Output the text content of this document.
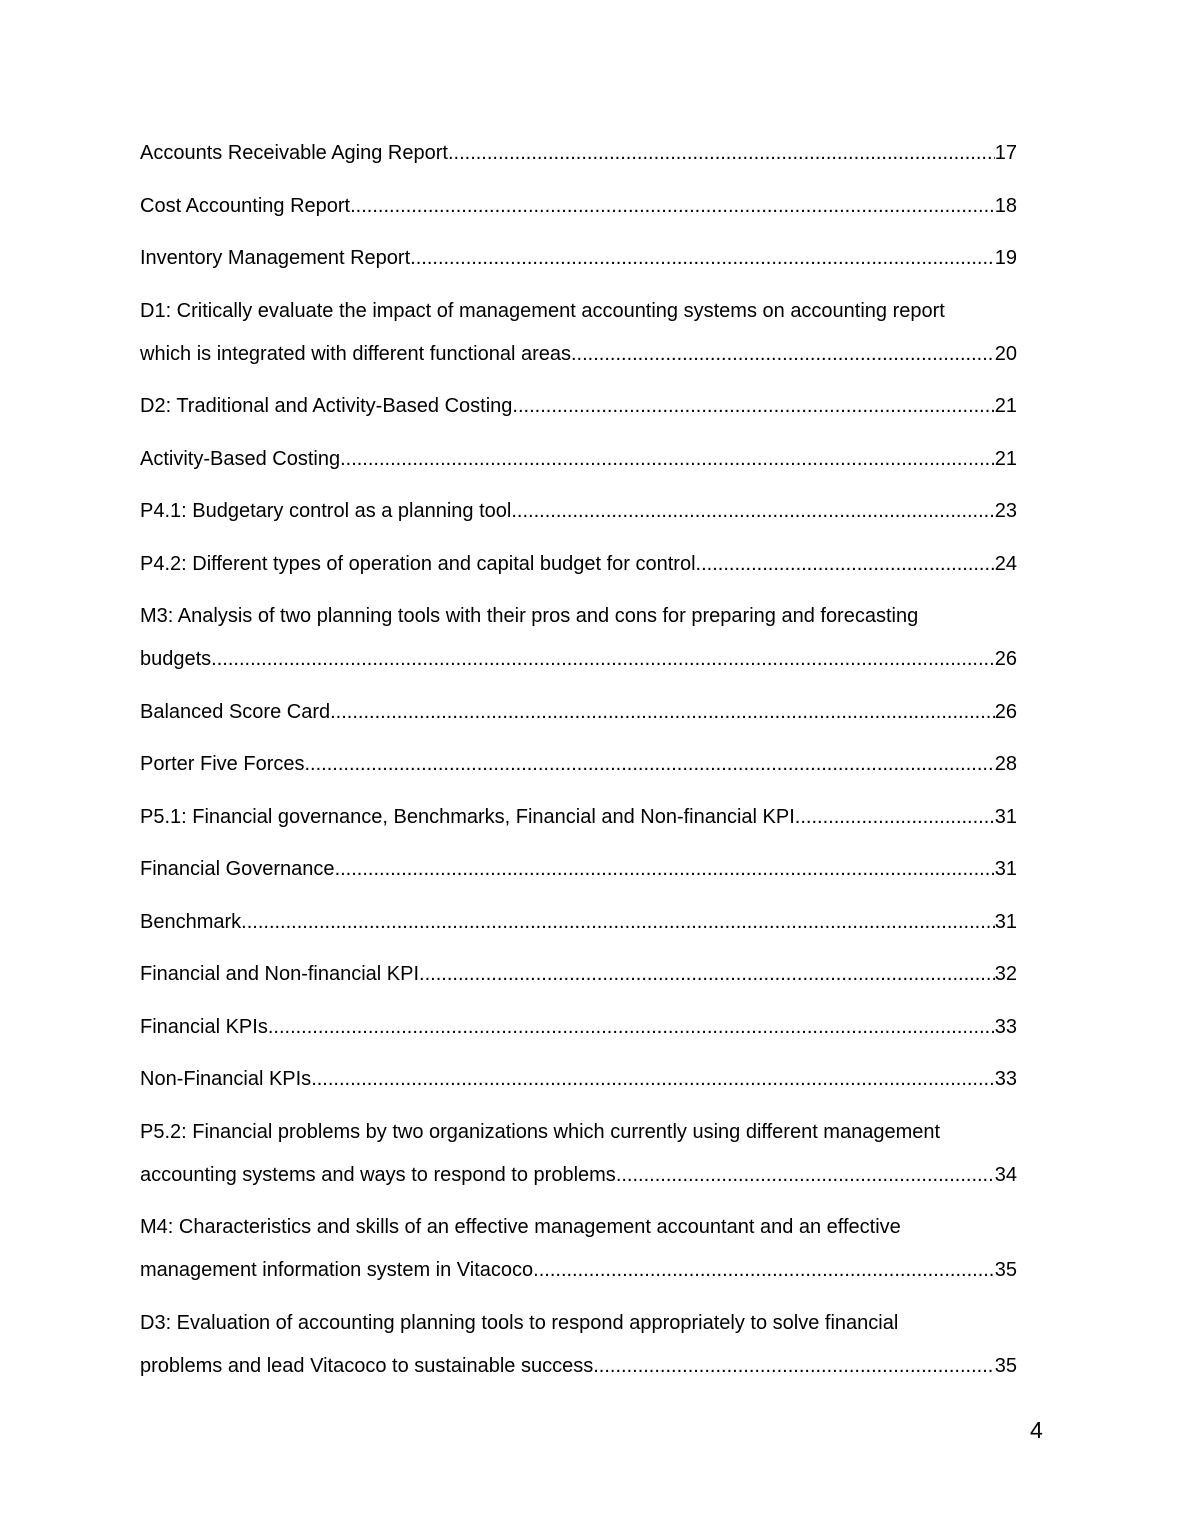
Accounts Receivable Aging Report .....	17
Cost Accounting Report .....	18
Inventory Management Report .....	19
D1: Critically evaluate the impact of management accounting systems on accounting report
which is integrated with different functional areas .....	20
D2: Traditional and Activity-Based Costing .....	21
Activity-Based Costing .....	21
P4.1: Budgetary control as a planning tool .....	23
P4.2: Different types of operation and capital budget for control .....	24
M3: Analysis of two planning tools with their pros and cons for preparing and forecasting
budgets .....	26
Balanced Score Card .....	26
Porter Five Forces .....	28
P5.1: Financial governance, Benchmarks, Financial and Non-financial KPI .....	31
Financial Governance .....	31
Benchmark .....	31
Financial and Non-financial KPI .....	32
Financial KPIs .....	33
Non-Financial KPIs .....	33
P5.2: Financial problems by two organizations which currently using different management
accounting systems and ways to respond to problems .....	34
M4: Characteristics and skills of an effective management accountant and an effective
management information system in Vitacoco .....	35
D3: Evaluation of accounting planning tools to respond appropriately to solve financial
problems and lead Vitacoco to sustainable success .....	35
4
